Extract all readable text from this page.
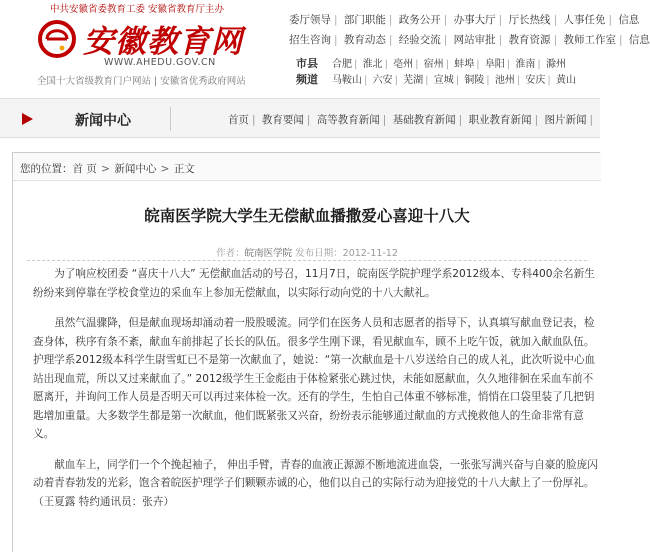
中共安徽省委教育工委 安徽省教育厅主办
安徽教育网
WWW.AHEDU.GOV.CN
全国十大省级教育门户网站 | 安徽省优秀政府网站
委厅领导 | 部门职能 | 政务公开 | 办事大厅 | 厅长热线 | 人事任免 | 信息
招生咨询 | 教育动态 | 经验交流 | 网站审批 | 教育资源 | 教师工作室 | 信息
市县
频道
合肥 | 淮北 | 亳州 | 宿州 | 蚌埠 | 阜阳 | 淮南 | 滁州
马鞍山 | 六安 | 芜湖 | 宣城 | 铜陵 | 池州 | 安庆 | 黄山
新闻中心	首页 | 教育要闻 | 高等教育新闻 | 基础教育新闻 | 职业教育新闻 | 图片新闻 |
您的位置：首 页 > 新闻中心 > 正文
皖南医学院大学生无偿献血播撒爱心喜迎十八大
作者：皖南医学院 发布日期：2012-11-12

为了响应校团委 “喜庆十八大” 无偿献血活动的号召，11月7日，皖南医学院护理学系2012级本、专科400余名新生纷纷来到停靠在学校食堂边的采血车上参加无偿献血，以实际行动向党的十八大献礼。

虽然气温骤降，但是献血现场却涌动着一股股暖流。同学们在医务人员和志愿者的指导下，认真填写献血登记表，检查身体，秩序有条不紊，献血车前排起了长长的队伍。很多学生刚下课，看见献血车，顾不上吃午饭，就加入献血队伍。护理学系2012级本科学生尉雪虹已不是第一次献血了，她说：“第一次献血是十八岁送给自己的成人礼，此次听说中心血站出现血荒，所以又过来献血了。” 2012级学生王金彪由于体检紧张心跳过快，未能如愿献血，久久地徘徊在采血车前不愿离开，并询问工作人员是否明天可以再过来体检一次。还有的学生，生怕自己体重不够标准，悄悄在口袋里装了几把钥匙增加重量。大多数学生都是第一次献血，他们既紧张又兴奋，纷纷表示能够通过献血的方式挽救他人的生命非常有意义。

献血车上，同学们一个个挽起袖子， 伸出手臂，青春的血液正源源不断地流进血袋，一张张写满兴奋与自豪的脸庞闪动着青春勃发的光彩，饱含着皖医护理学子们颗颗赤诚的心，他们以自己的实际行动为迎接党的十八大献上了一份厚礼。 （王夏露 特约通讯员：张卉）
